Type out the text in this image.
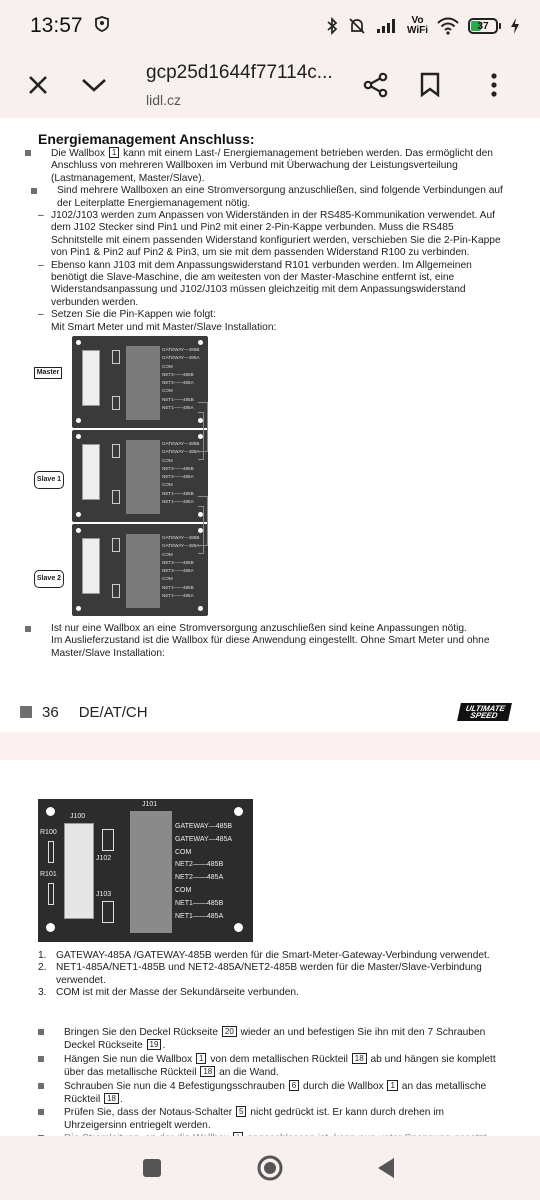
13:57	Vo
WiFi	37
gcp25d1644f77114c...
lidl.cz
Energiemanagement Anschluss:
Die Wallbox 1 kann mit einem Last-/ Energiemanagement betrieben werden. Das ermöglicht den Anschluss von mehreren Wallboxen im Verbund mit Überwachung der Leistungsverteilung (Lastmanagement, Master/Slave).
Sind mehrere Wallboxen an eine Stromversorgung anzuschließen, sind folgende Verbindungen auf der Leiterplatte Energiemanagement nötig.
– J102/J103 werden zum Anpassen von Widerständen in der RS485-Kommunikation verwendet. Auf dem J102 Stecker sind Pin1 und Pin2 mit einer 2-Pin-Kappe verbunden. Muss die RS485 Schnitstelle mit einem passenden Widerstand konfiguriert werden, verschieben Sie die 2-Pin-Kappe von Pin1 & Pin2 auf Pin2 & Pin3, um sie mit dem passenden Widerstand R100 zu verbinden.
– Ebenso kann J103 mit dem Anpassungswiderstand R101 verbunden werden. Im Allgemeinen benötigt die Slave-Maschine, die am weitesten von der Master-Maschine entfernt ist, eine Widerstandsanpassung und J102/J103 müssen gleichzeitig mit dem Anpassungswiderstand verbunden werden.
– Setzen Sie die Pin-Kappen wie folgt:
Mit Smart Meter und mit Master/Slave Installation:
GATEWAY—485B
GATEWAY—485A
COM
NET2——485B
NET2——485A
COM
NET1——485B
NET1——485A
Master
GATEWAY—485B
GATEWAY—485A
COM
NET2——485B
NET2——485A
COM
NET1——485B
NET1——485A
Slave 1
GATEWAY—485B
GATEWAY—485A
COM
NET2——485B
NET2——485A
COM
NET1——485B
NET1——485A
Slave 2
Ist nur eine Wallbox an eine Stromversorgung anzuschließen sind keine Anpassungen nötig.
Im Auslieferzustand ist die Wallbox für diese Anwendung eingestellt. Ohne Smart Meter und ohne Master/Slave Installation:
36 DE/AT/CH	ULTIMATE
SPEED
J101
J100
J102
J103
R100
R101
GATEWAY—485B
GATEWAY—485A
COM
NET2——485B
NET2——485A
COM
NET1——485B
NET1——485A
1. GATEWAY-485A /GATEWAY-485B werden für die Smart-Meter-Gateway-Verbindung verwendet.
2. NET1-485A/NET1-485B und NET2-485A/NET2-485B werden für die Master/Slave-Verbindung verwendet.
3. COM ist mit der Masse der Sekundärseite verbunden.
Bringen Sie den Deckel Rückseite 20 wieder an und befestigen Sie ihn mit den 7 Schrauben Deckel Rückseite 19 .
Hängen Sie nun die Wallbox 1 von dem metallischen Rückteil 18 ab und hängen sie komplett über das metallische Rückteil 18 an die Wand.
Schrauben Sie nun die 4 Befestigungsschrauben 6 durch die Wallbox 1 an das metallische Rückteil 18 .
Prüfen Sie, dass der Notaus-Schalter 5 nicht gedrückt ist. Er kann durch drehen im Uhrzeigersinn entriegelt werden.
